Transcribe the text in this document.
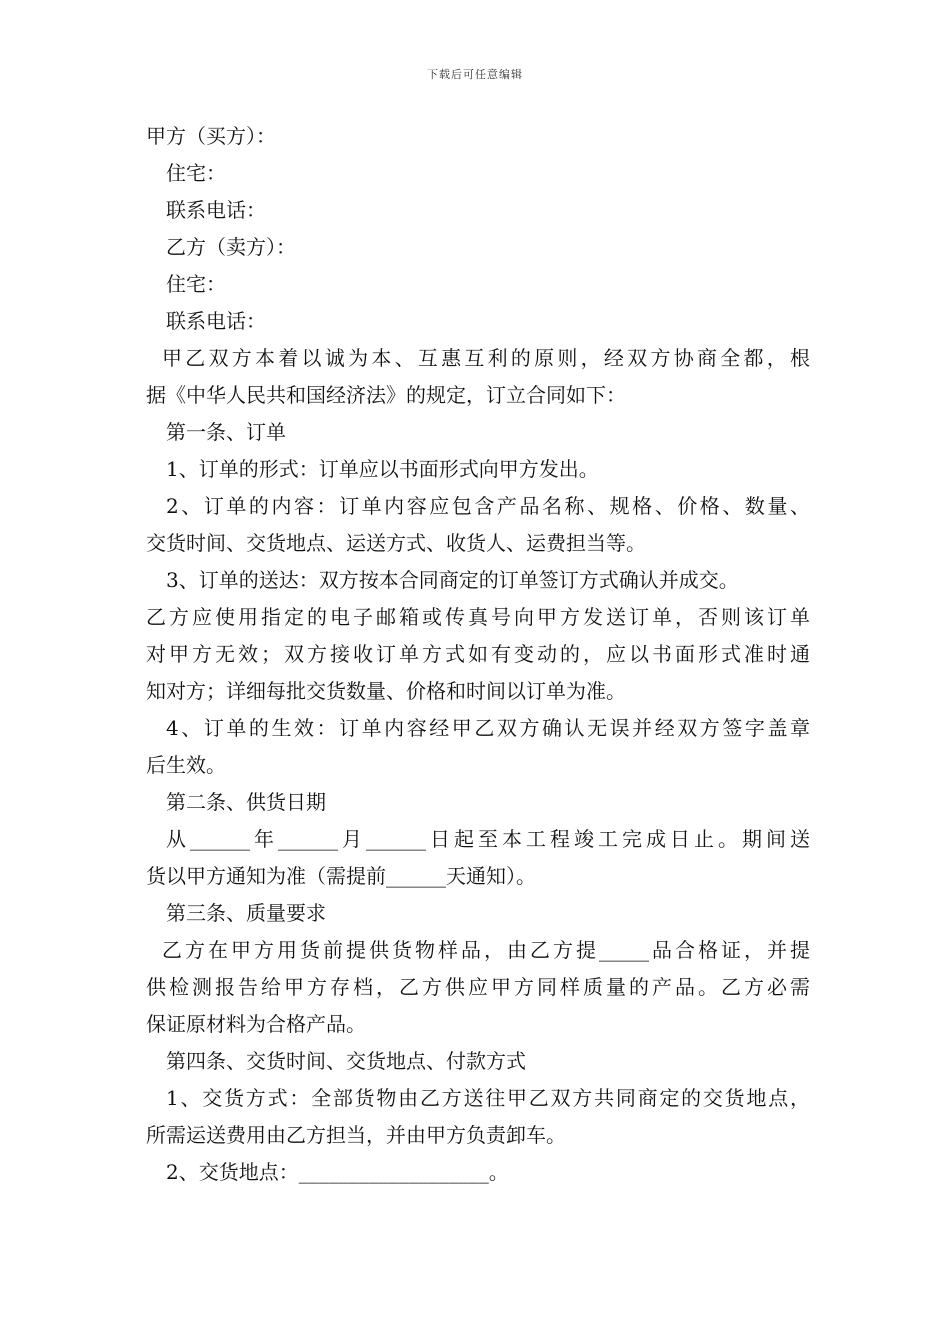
下载后可任意编辑
甲方（买方）：
住宅：
联系电话：
乙方（卖方）：
住宅：
联系电话：
甲乙双方本着以诚为本、互惠互利的原则，经双方协商全都，根
据《中华人民共和国经济法》的规定，订立合同如下：
第一条、订单
1、订单的形式：订单应以书面形式向甲方发出。
2、订单的内容：订单内容应包含产品名称、规格、价格、数量、
交货时间、交货地点、运送方式、收货人、运费担当等。
3、订单的送达：双方按本合同商定的订单签订方式确认并成交。
乙方应使用指定的电子邮箱或传真号向甲方发送订单，否则该订单
对甲方无效；双方接收订单方式如有变动的，应以书面形式准时通
知对方；详细每批交货数量、价格和时间以订单为准。
4、订单的生效：订单内容经甲乙双方确认无误并经双方签字盖章
后生效。
第二条、供货日期
从______年______月______日起至本工程竣工完成日止。期间送
货以甲方通知为准（需提前______天通知）。
第三条、质量要求
乙方在甲方用货前提供货物样品，由乙方提_____品合格证，并提
供检测报告给甲方存档，乙方供应甲方同样质量的产品。乙方必需
保证原材料为合格产品。
第四条、交货时间、交货地点、付款方式
1、交货方式：全部货物由乙方送往甲乙双方共同商定的交货地点，
所需运送费用由乙方担当，并由甲方负责卸车。
2、交货地点：___________________。
